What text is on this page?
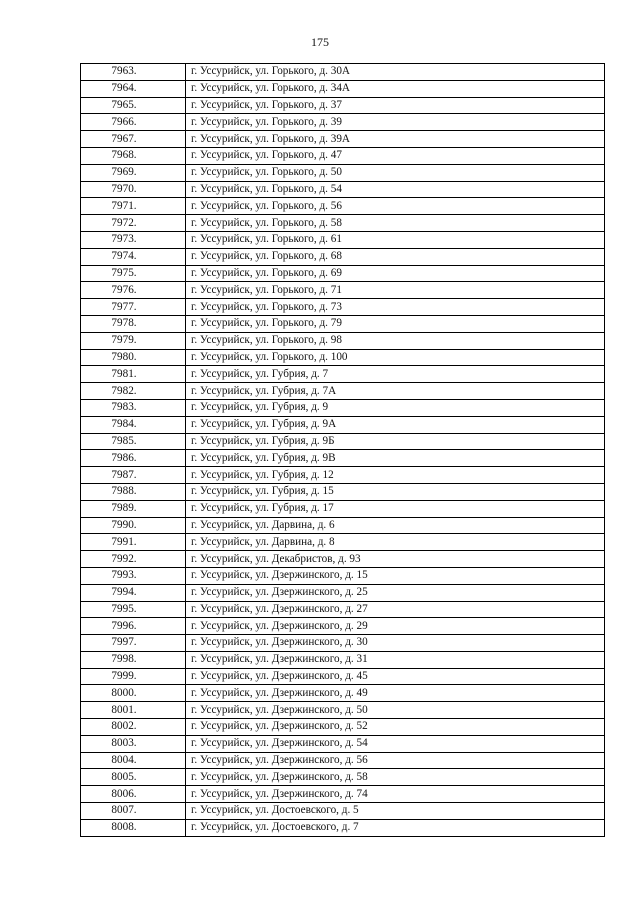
175
7963.	г. Уссурийск, ул. Горького, д. 30А
7964.	г. Уссурийск, ул. Горького, д. 34А
7965.	г. Уссурийск, ул. Горького, д. 37
7966.	г. Уссурийск, ул. Горького, д. 39
7967.	г. Уссурийск, ул. Горького, д. 39А
7968.	г. Уссурийск, ул. Горького, д. 47
7969.	г. Уссурийск, ул. Горького, д. 50
7970.	г. Уссурийск, ул. Горького, д. 54
7971.	г. Уссурийск, ул. Горького, д. 56
7972.	г. Уссурийск, ул. Горького, д. 58
7973.	г. Уссурийск, ул. Горького, д. 61
7974.	г. Уссурийск, ул. Горького, д. 68
7975.	г. Уссурийск, ул. Горького, д. 69
7976.	г. Уссурийск, ул. Горького, д. 71
7977.	г. Уссурийск, ул. Горького, д. 73
7978.	г. Уссурийск, ул. Горького, д. 79
7979.	г. Уссурийск, ул. Горького, д. 98
7980.	г. Уссурийск, ул. Горького, д. 100
7981.	г. Уссурийск, ул. Губрия, д. 7
7982.	г. Уссурийск, ул. Губрия, д. 7А
7983.	г. Уссурийск, ул. Губрия, д. 9
7984.	г. Уссурийск, ул. Губрия, д. 9А
7985.	г. Уссурийск, ул. Губрия, д. 9Б
7986.	г. Уссурийск, ул. Губрия, д. 9В
7987.	г. Уссурийск, ул. Губрия, д. 12
7988.	г. Уссурийск, ул. Губрия, д. 15
7989.	г. Уссурийск, ул. Губрия, д. 17
7990.	г. Уссурийск, ул. Дарвина, д. 6
7991.	г. Уссурийск, ул. Дарвина, д. 8
7992.	г. Уссурийск, ул. Декабристов, д. 93
7993.	г. Уссурийск, ул. Дзержинского, д. 15
7994.	г. Уссурийск, ул. Дзержинского, д. 25
7995.	г. Уссурийск, ул. Дзержинского, д. 27
7996.	г. Уссурийск, ул. Дзержинского, д. 29
7997.	г. Уссурийск, ул. Дзержинского, д. 30
7998.	г. Уссурийск, ул. Дзержинского, д. 31
7999.	г. Уссурийск, ул. Дзержинского, д. 45
8000.	г. Уссурийск, ул. Дзержинского, д. 49
8001.	г. Уссурийск, ул. Дзержинского, д. 50
8002.	г. Уссурийск, ул. Дзержинского, д. 52
8003.	г. Уссурийск, ул. Дзержинского, д. 54
8004.	г. Уссурийск, ул. Дзержинского, д. 56
8005.	г. Уссурийск, ул. Дзержинского, д. 58
8006.	г. Уссурийск, ул. Дзержинского, д. 74
8007.	г. Уссурийск, ул. Достоевского, д. 5
8008.	г. Уссурийск, ул. Достоевского, д. 7
